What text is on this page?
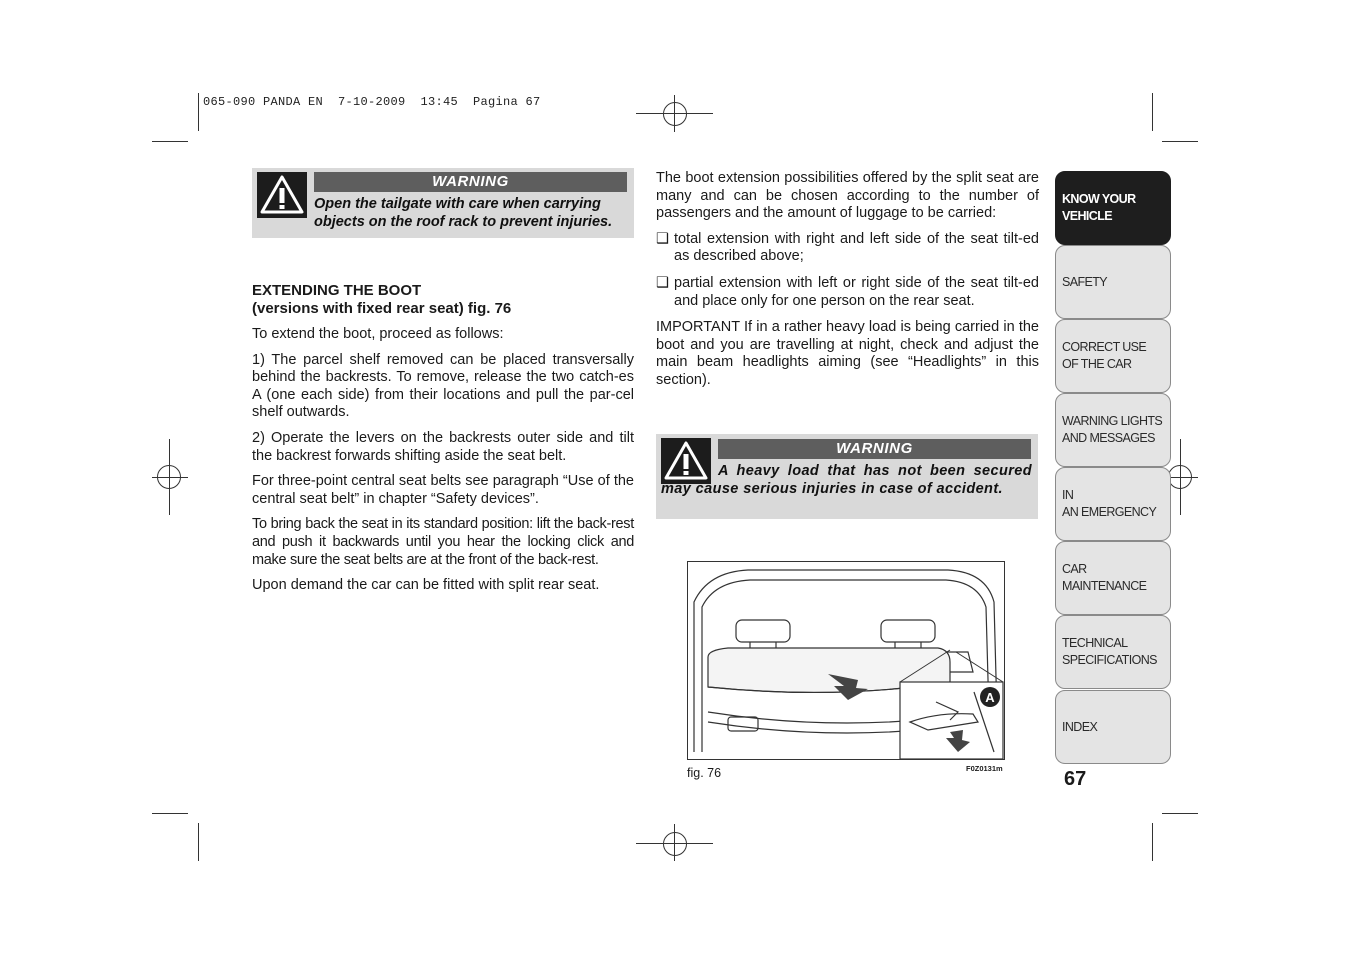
065-090 PANDA EN  7-10-2009  13:45  Pagina 67
WARNING
Open the tailgate with care when carrying objects on the roof rack to prevent injuries.
EXTENDING THE BOOT
(versions with fixed rear seat) fig. 76

To extend the boot, proceed as follows:

1) The parcel shelf removed can be placed transversally behind the backrests. To remove, release the two catch-es A (one each side) from their locations and pull the par-cel shelf outwards.

2) Operate the levers on the backrests outer side and tilt the backrest forwards shifting aside the seat belt.

For three-point central seat belts see paragraph “Use of the central seat belt” in chapter “Safety devices”.

To bring back the seat in its standard position: lift the back-rest and push it backwards until you hear the locking click and make sure the seat belts are at the front of the back-rest.

Upon demand the car can be fitted with split rear seat.

The boot extension possibilities offered by the split seat are many and can be chosen according to the number of passengers and the amount of luggage to be carried:

❑ total extension with right and left side of the seat tilt-ed as described above;
❑ partial extension with left or right side of the seat tilt-ed and place only for one person on the rear seat.

IMPORTANT If in a rather heavy load is being carried in the boot and you are travelling at night, check and adjust the main beam headlights aiming (see “Headlights” in this section).

WARNING
A heavy load that has not been secured may cause serious injuries in case of accident.
A
fig. 76	F0Z0131m
KNOW YOUR
VEHICLE
SAFETY
CORRECT USE
OF THE CAR
WARNING LIGHTS
AND MESSAGES
IN
AN EMERGENCY
CAR
MAINTENANCE
TECHNICAL
SPECIFICATIONS
INDEX
67
